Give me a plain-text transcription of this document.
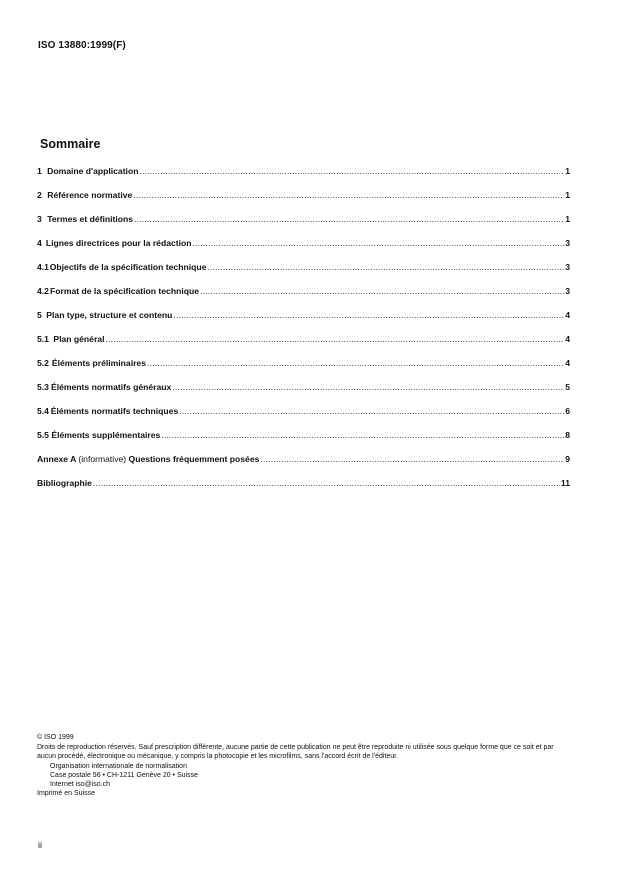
ISO 13880:1999(F)
Sommaire
1 Domaine d'application .....	1
2 Référence normative .....	1
3 Termes et définitions .....	1
4 Lignes directrices pour la rédaction .....	3
4.1 Objectifs de la spécification technique .....	3
4.2 Format de la spécification technique .....	3
5 Plan type, structure et contenu .....	4
5.1 Plan général .....	4
5.2 Éléments préliminaires .....	4
5.3 Éléments normatifs généraux .....	5
5.4 Éléments normatifs techniques .....	6
5.5 Éléments supplémentaires .....	8
Annexe A (informative) Questions fréquemment posées .....	9
Bibliographie .....	11
© ISO 1999
Droits de reproduction réservés. Sauf prescription différente, aucune partie de cette publication ne peut être reproduite ni utilisée sous quelque forme que ce soit et par aucun procédé, électronique ou mécanique, y compris la photocopie et les microfilms, sans l'accord écrit de l'éditeur.
Organisation internationale de normalisation
Case postale 56 • CH-1211 Genève 20 • Suisse
Internet iso@iso.ch
Imprimé en Suisse
ii
